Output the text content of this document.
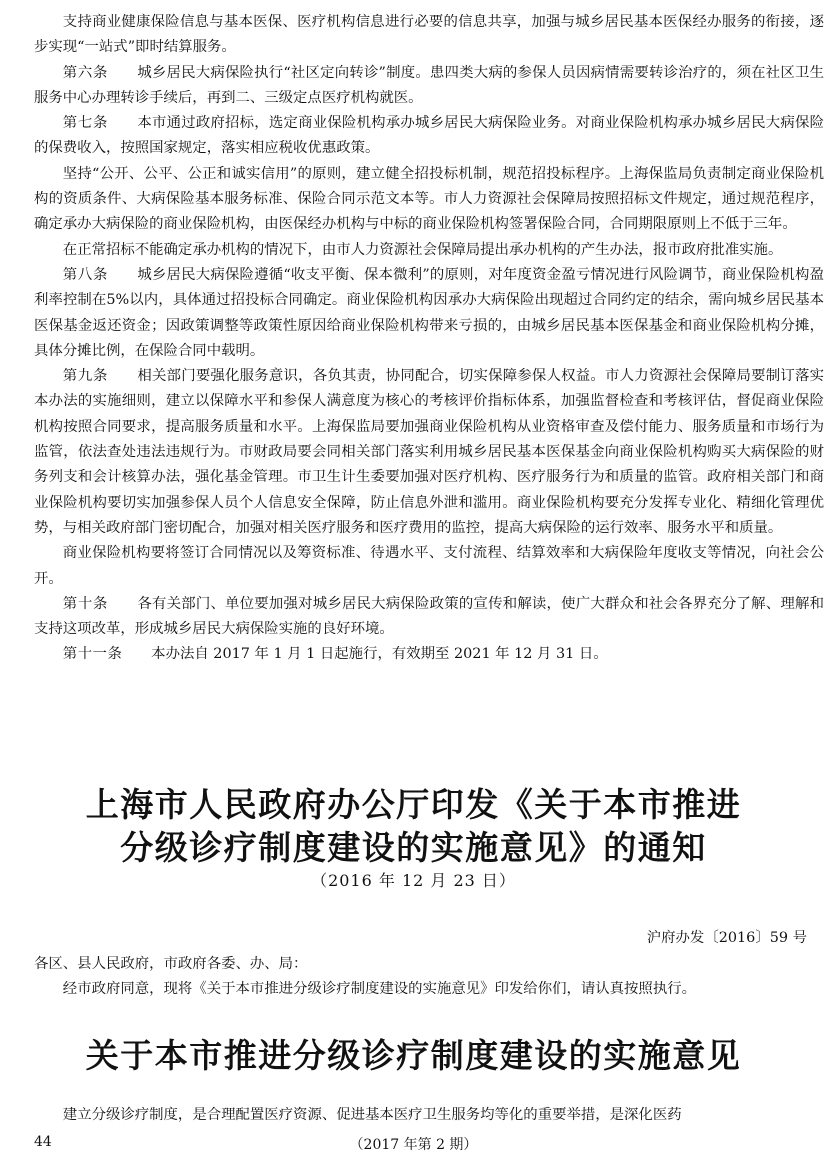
支持商业健康保险信息与基本医保、医疗机构信息进行必要的信息共享，加强与城乡居民基本医保经办服务的衔接，逐步实现“一站式”即时结算服务。

第六条　　 城乡居民大病保险执行“社区定向转诊”制度。患四类大病的参保人员因病情需要转诊治疗的，须在社区卫生服务中心办理转诊手续后，再到二、三级定点医疗机构就医。

第七条　　 本市通过政府招标，选定商业保险机构承办城乡居民大病保险业务。对商业保险机构承办城乡居民大病保险的保费收入，按照国家规定，落实相应税收优惠政策。

坚持“公开、公平、公正和诚实信用”的原则，建立健全招投标机制，规范招投标程序。上海保监局负责制定商业保险机构的资质条件、大病保险基本服务标准、保险合同示范文本等。市人力资源社会保障局按照招标文件规定，通过规范程序，确定承办大病保险的商业保险机构，由医保经办机构与中标的商业保险机构签署保险合同，合同期限原则上不低于三年。

在正常招标不能确定承办机构的情况下，由市人力资源社会保障局提出承办机构的产生办法，报市政府批准实施。

第八条　　 城乡居民大病保险遵循“收支平衡、保本微利”的原则，对年度资金盈亏情况进行风险调节，商业保险机构盈利率控制在5%以内，具体通过招投标合同确定。商业保险机构因承办大病保险出现超过合同约定的结余，需向城乡居民基本医保基金返还资金；因政策调整等政策性原因给商业保险机构带来亏损的，由城乡居民基本医保基金和商业保险机构分摊，具体分摊比例，在保险合同中载明。

第九条　　 相关部门要强化服务意识，各负其责，协同配合，切实保障参保人权益。市人力资源社会保障局要制订落实本办法的实施细则，建立以保障水平和参保人满意度为核心的考核评价指标体系，加强监督检查和考核评估，督促商业保险机构按照合同要求，提高服务质量和水平。上海保监局要加强商业保险机构从业资格审查及偿付能力、服务质量和市场行为监管，依法查处违法违规行为。市财政局要会同相关部门落实利用城乡居民基本医保基金向商业保险机构购买大病保险的财务列支和会计核算办法，强化基金管理。市卫生计生委要加强对医疗机构、医疗服务行为和质量的监管。政府相关部门和商业保险机构要切实加强参保人员个人信息安全保障，防止信息外泄和滥用。商业保险机构要充分发挥专业化、精细化管理优势，与相关政府部门密切配合，加强对相关医疗服务和医疗费用的监控，提高大病保险的运行效率、服务水平和质量。

商业保险机构要将签订合同情况以及筹资标准、待遇水平、支付流程、结算效率和大病保险年度收支等情况，向社会公开。

第十条　　 各有关部门、单位要加强对城乡居民大病保险政策的宣传和解读，使广大群众和社会各界充分了解、理解和支持这项改革，形成城乡居民大病保险实施的良好环境。

第十一条　　 本办法自 2017 年 1 月 1 日起施行，有效期至 2021 年 12 月 31 日。

上海市人民政府办公厅印发《关于本市推进
分级诊疗制度建设的实施意见》的通知
（2016 年 12 月 23 日）
沪府办发〔2016〕59 号

各区、县人民政府，市政府各委、办、局：

经市政府同意，现将《关于本市推进分级诊疗制度建设的实施意见》印发给你们，请认真按照执行。

关于本市推进分级诊疗制度建设的实施意见
建立分级诊疗制度，是合理配置医疗资源、促进基本医疗卫生服务均等化的重要举措，是深化医药
44	（2017 年第 2 期）
